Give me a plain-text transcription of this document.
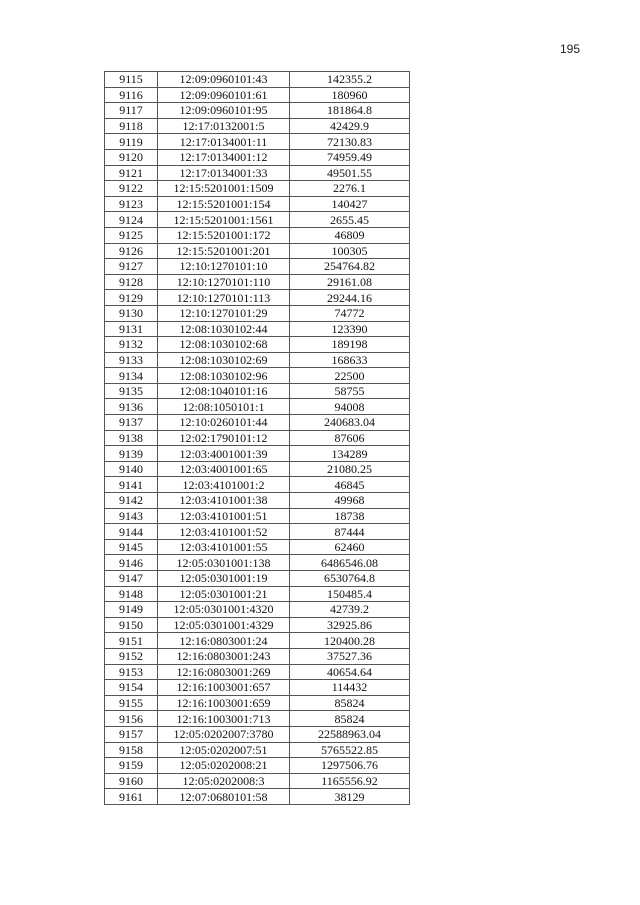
195
9115	12:09:0960101:43	142355.2
9116	12:09:0960101:61	180960
9117	12:09:0960101:95	181864.8
9118	12:17:0132001:5	42429.9
9119	12:17:0134001:11	72130.83
9120	12:17:0134001:12	74959.49
9121	12:17:0134001:33	49501.55
9122	12:15:5201001:1509	2276.1
9123	12:15:5201001:154	140427
9124	12:15:5201001:1561	2655.45
9125	12:15:5201001:172	46809
9126	12:15:5201001:201	100305
9127	12:10:1270101:10	254764.82
9128	12:10:1270101:110	29161.08
9129	12:10:1270101:113	29244.16
9130	12:10:1270101:29	74772
9131	12:08:1030102:44	123390
9132	12:08:1030102:68	189198
9133	12:08:1030102:69	168633
9134	12:08:1030102:96	22500
9135	12:08:1040101:16	58755
9136	12:08:1050101:1	94008
9137	12:10:0260101:44	240683.04
9138	12:02:1790101:12	87606
9139	12:03:4001001:39	134289
9140	12:03:4001001:65	21080.25
9141	12:03:4101001:2	46845
9142	12:03:4101001:38	49968
9143	12:03:4101001:51	18738
9144	12:03:4101001:52	87444
9145	12:03:4101001:55	62460
9146	12:05:0301001:138	6486546.08
9147	12:05:0301001:19	6530764.8
9148	12:05:0301001:21	150485.4
9149	12:05:0301001:4320	42739.2
9150	12:05:0301001:4329	32925.86
9151	12:16:0803001:24	120400.28
9152	12:16:0803001:243	37527.36
9153	12:16:0803001:269	40654.64
9154	12:16:1003001:657	114432
9155	12:16:1003001:659	85824
9156	12:16:1003001:713	85824
9157	12:05:0202007:3780	22588963.04
9158	12:05:0202007:51	5765522.85
9159	12:05:0202008:21	1297506.76
9160	12:05:0202008:3	1165556.92
9161	12:07:0680101:58	38129
